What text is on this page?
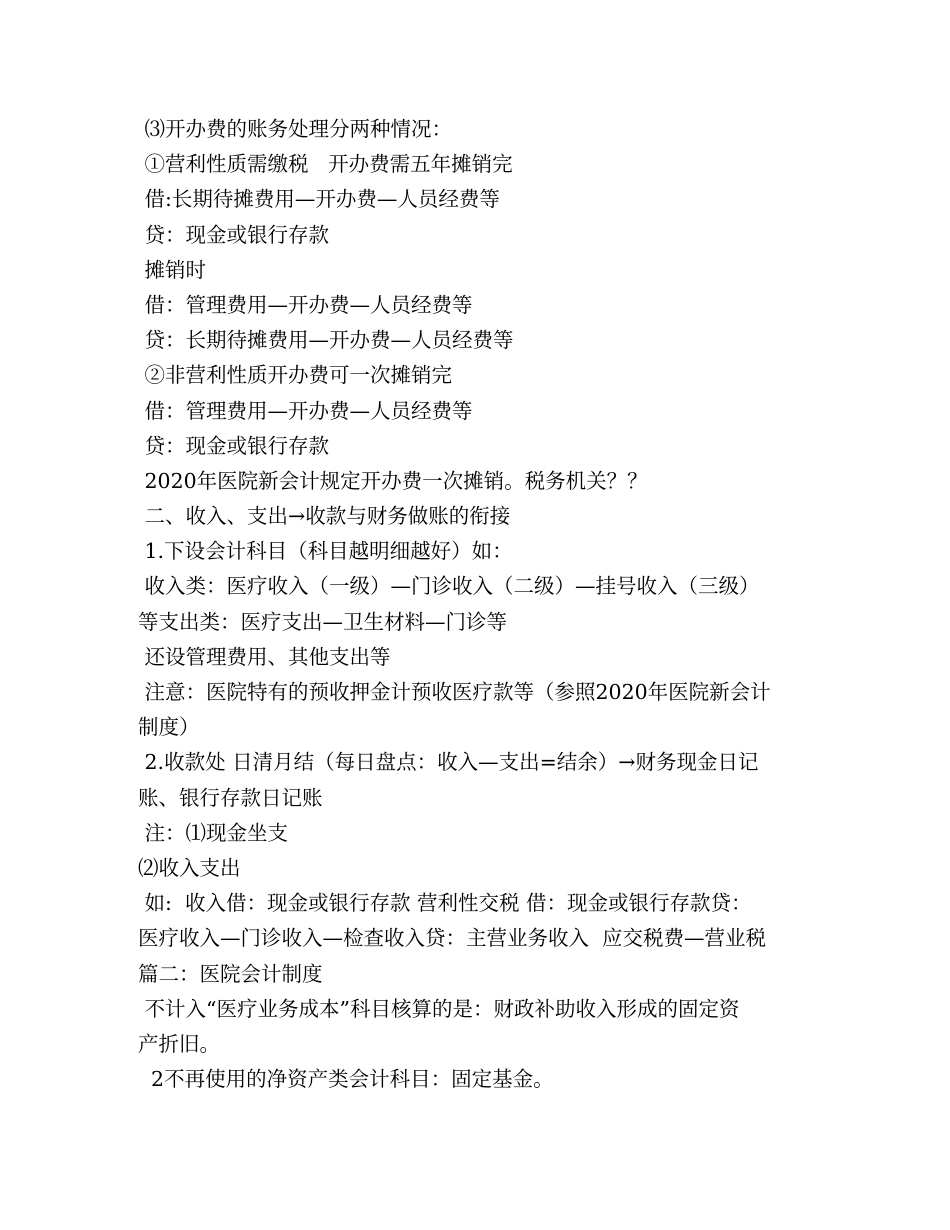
⑶开办费的账务处理分两种情况：
①营利性质需缴税   开办费需五年摊销完
借:长期待摊费用—开办费—人员经费等
贷：现金或银行存款
摊销时
借：管理费用—开办费—人员经费等
贷：长期待摊费用—开办费—人员经费等
②非营利性质开办费可一次摊销完
借：管理费用—开办费—人员经费等
贷：现金或银行存款
2020年医院新会计规定开办费一次摊销。税务机关？？
二、收入、支出→收款与财务做账的衔接
1.下设会计科目（科目越明细越好）如：
收入类：医疗收入（一级）—门诊收入（二级）—挂号收入（三级）
等支出类：医疗支出—卫生材料—门诊等
还设管理费用、其他支出等
注意：医院特有的预收押金计预收医疗款等（参照2020年医院新会计
制度）
2.收款处 日清月结（每日盘点：收入—支出=结余）→财务现金日记
账、银行存款日记账
注：⑴现金坐支
⑵收入支出
如:  收入借：现金或银行存款 营利性交税 借：现金或银行存款贷：
医疗收入—门诊收入—检查收入贷：主营业务收入  应交税费—营业税
篇二：医院会计制度
不计入“医疗业务成本”科目核算的是：财政补助收入形成的固定资
产折旧。
2不再使用的净资产类会计科目：固定基金。
